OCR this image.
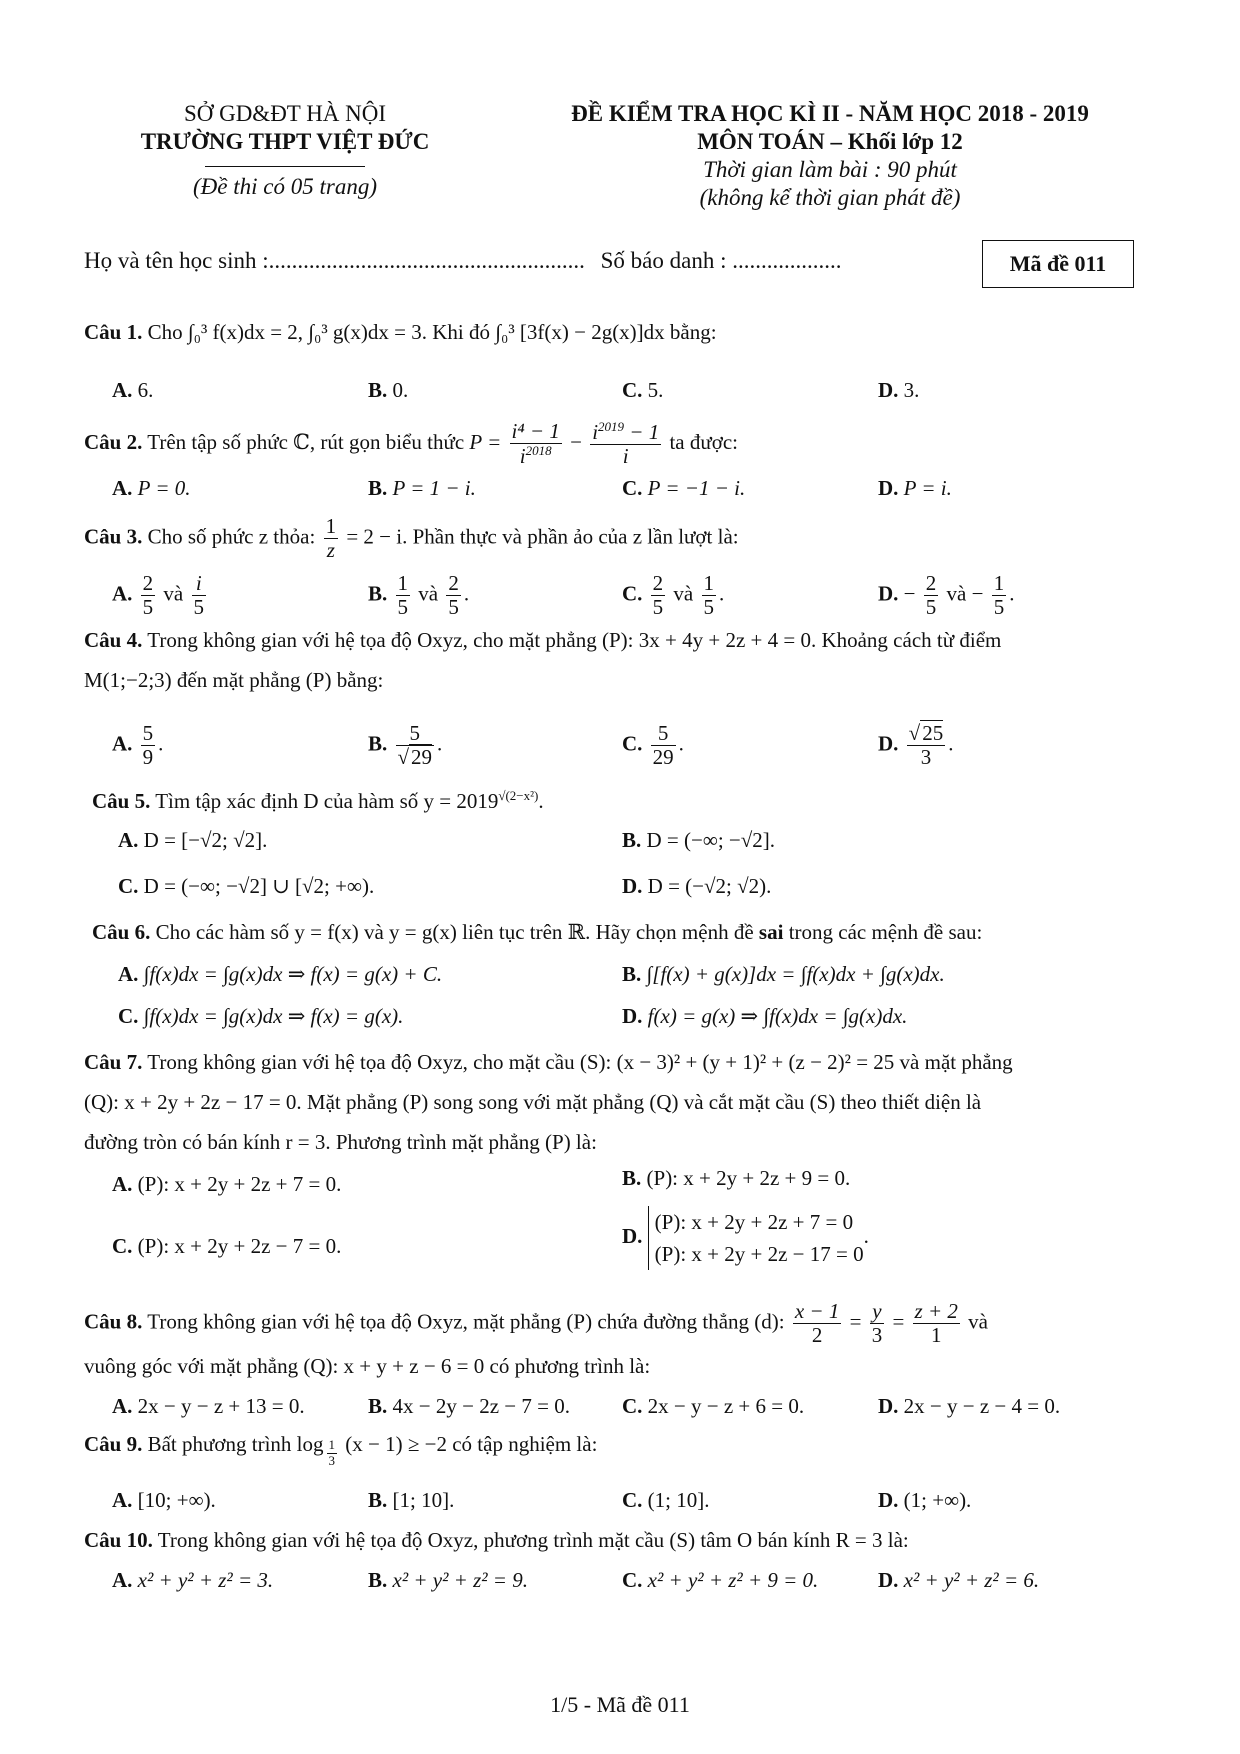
SỞ GD&ĐT HÀ NỘI
TRƯỜNG THPT VIỆT ĐỨC
(Đề thi có 05 trang)
ĐỀ KIỂM TRA HỌC KÌ II - NĂM HỌC 2018 - 2019
MÔN TOÁN – Khối lớp 12
Thời gian làm bài : 90 phút
(không kể thời gian phát đề)
Họ và tên học sinh :....................................................... Số báo danh : ...................	Mã đề 011
Câu 1. Cho ∫₀³ f(x)dx = 2, ∫₀³ g(x)dx = 3. Khi đó ∫₀³ [3f(x) − 2g(x)]dx bằng:
A. 6.	B. 0.	C. 5.	D. 3.
Câu 2. Trên tập số phức ℂ, rút gọn biểu thức $P = \frac{\text{i⁴ − 1}}{i^{2018}} - \frac{i^{2019} - 1}{i}$ ta được:
A. P = 0.	B. P = 1 − i.	C. P = −1 − i.	D. P = i.
Câu 3. Cho số phức z thỏa: $\frac{1}{z} = 2 - i$. Phần thực và phần ảo của z lần lượt là:
A. $\frac{2}{5}$ và $\frac{i}{5}$	B. $\frac{1}{5}$ và $\frac{2}{5}$ .	C. $\frac{2}{5}$ và $\frac{1}{5}$ .	D. − $\frac{2}{5}$ và − $\frac{1}{5}$ .
Câu 4. Trong không gian với hệ tọa độ Oxyz, cho mặt phẳng (P): 3x + 4y + 2z + 4 = 0. Khoảng cách từ điểm
M(1;−2;3) đến mặt phẳng (P) bằng:
A. $\frac{5}{9}$ .	B. $\frac{5}{√29}$ .	C. $\frac{5}{29}$ .	D. $\frac{√25}{3}$ .
Câu 5. Tìm tập xác định D của hàm số $y = 2019^{√(2-x^2)}$.
A. D = [−√2; √2].	B. D = (−∞; −√2].
C. D = (−∞; −√2] ∪ [√2; +∞).	D. D = (−√2; √2).
Câu 6. Cho các hàm số y = f(x) và y = g(x) liên tục trên ℝ. Hãy chọn mệnh đề sai trong các mệnh đề sau:
A. ∫f(x)dx = ∫g(x)dx ⇒ f(x) = g(x) + C.	B. ∫[f(x) + g(x)]dx = ∫f(x)dx + ∫g(x)dx.
C. ∫f(x)dx = ∫g(x)dx ⇒ f(x) = g(x).	D. f(x) = g(x) ⇒ ∫f(x)dx = ∫g(x)dx.
Câu 7. Trong không gian với hệ tọa độ Oxyz, cho mặt cầu (S): (x − 3)² + (y + 1)² + (z − 2)² = 25 và mặt phẳng
(Q): x + 2y + 2z − 17 = 0. Mặt phẳng (P) song song với mặt phẳng (Q) và cắt mặt cầu (S) theo thiết diện là
đường tròn có bán kính r = 3. Phương trình mặt phẳng (P) là:
A. (P): x + 2y + 2z + 7 = 0.	B. (P): x + 2y + 2z + 9 = 0.
C. (P): x + 2y + 2z − 7 = 0.	D.
(P): x + 2y + 2z + 7 = 0
(P): x + 2y + 2z − 17 = 0
.
Câu 8. Trong không gian với hệ tọa độ Oxyz, mặt phẳng (P) chứa đường thẳng (d): $\frac{x - 1}{2} = \frac{y}{3} = \frac{z + 2}{1}$ và
vuông góc với mặt phẳng (Q): x + y + z − 6 = 0 có phương trình là:
A. 2x − y − z + 13 = 0.	B. 4x − 2y − 2z − 7 = 0. C. 2x − y − z + 6 = 0.	D. 2x − y − z − 4 = 0.
Câu 9. Bất phương trình log $_{\frac{1}{3}}$ (x − 1) ≥ −2 có tập nghiệm là:
A. [10; +∞).	B. [1; 10].	C. (1; 10].	D. (1; +∞).
Câu 10. Trong không gian với hệ tọa độ Oxyz, phương trình mặt cầu (S) tâm O bán kính R = 3 là:
A. x² + y² + z² = 3.	B. x² + y² + z² = 9.	C. x² + y² + z² + 9 = 0.	D. x² + y² + z² = 6.
1/5 - Mã đề 011
